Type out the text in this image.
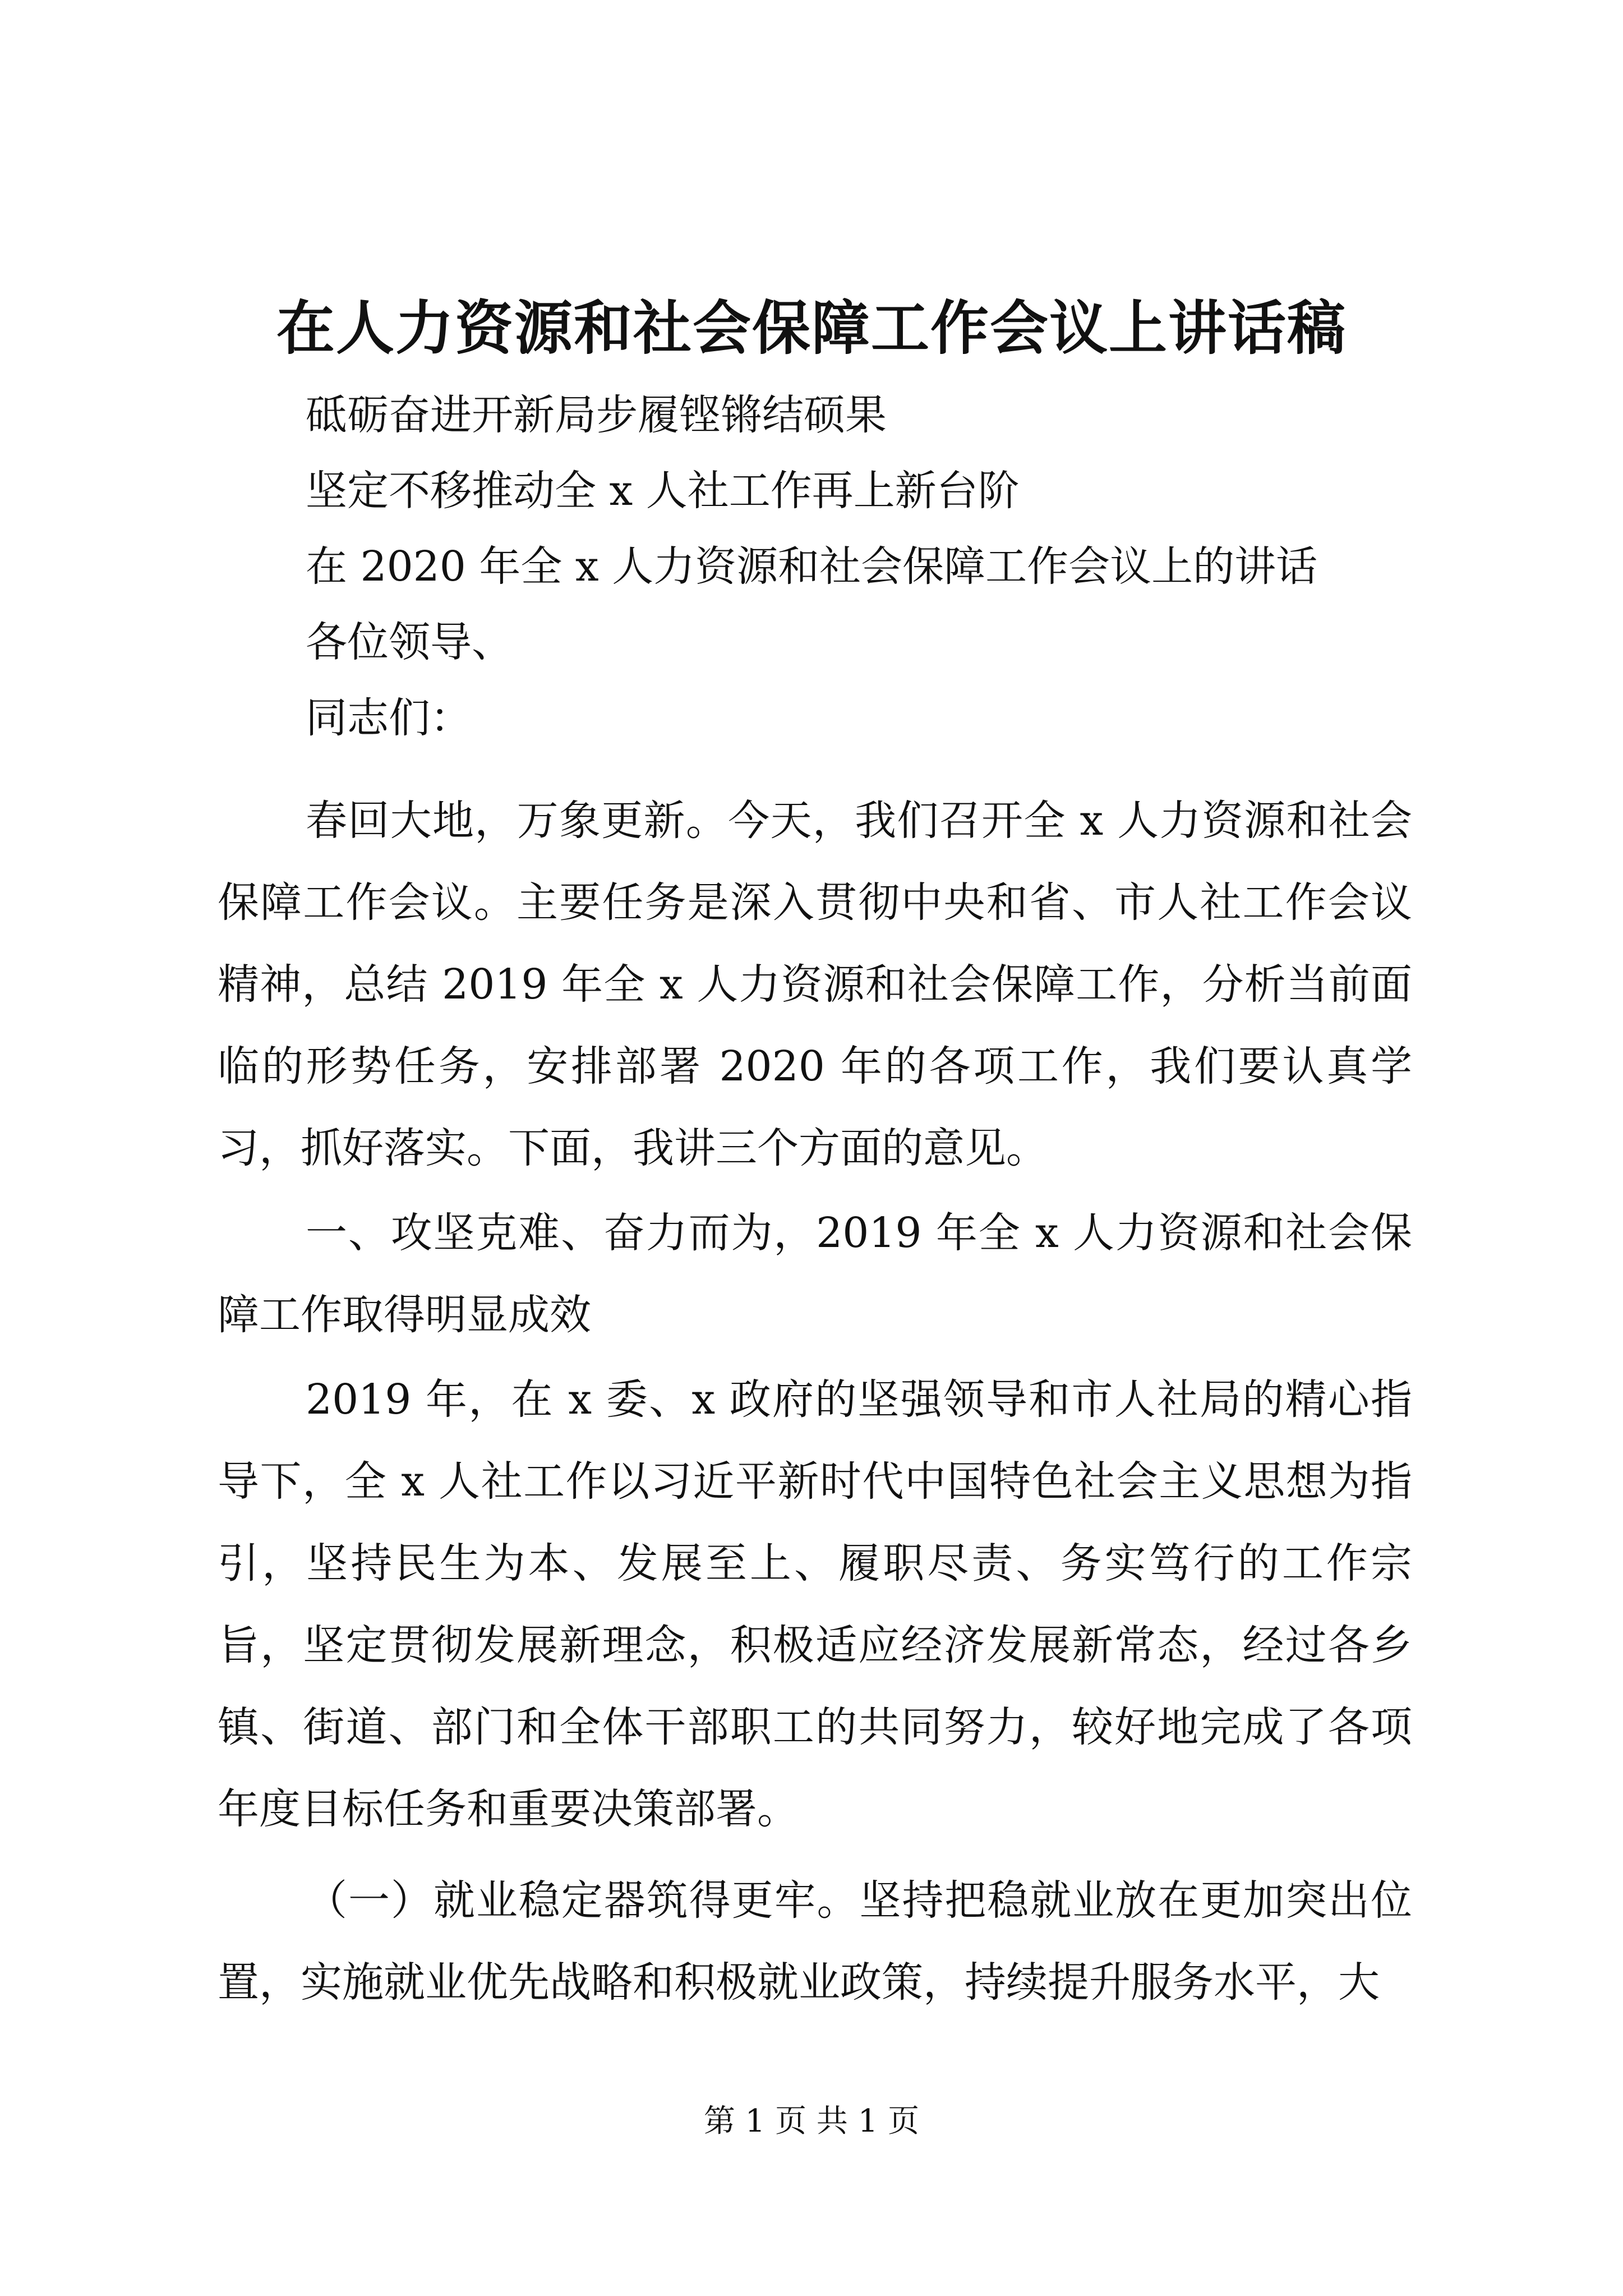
在人力资源和社会保障工作会议上讲话稿
砥砺奋进开新局步履铿锵结硕果
坚定不移推动全 x 人社工作再上新台阶
在 2020 年全 x 人力资源和社会保障工作会议上的讲话
各位领导、
同志们：

春回大地，万象更新。今天，我们召开全 x 人力资源和社会保障工作会议。主要任务是深入贯彻中央和省、市人社工作会议精神，总结 2019 年全 x 人力资源和社会保障工作，分析当前面临的形势任务，安排部署 2020 年的各项工作，我们要认真学习，抓好落实。下面，我讲三个方面的意见。

一、攻坚克难、奋力而为，2019 年全 x 人力资源和社会保障工作取得明显成效

2019 年，在 x 委、x 政府的坚强领导和市人社局的精心指导下，全 x 人社工作以习近平新时代中国特色社会主义思想为指引，坚持民生为本、发展至上、履职尽责、务实笃行的工作宗旨，坚定贯彻发展新理念，积极适应经济发展新常态，经过各乡镇、街道、部门和全体干部职工的共同努力，较好地完成了各项年度目标任务和重要决策部署。

（一）就业稳定器筑得更牢。坚持把稳就业放在更加突出位置，实施就业优先战略和积极就业政策，持续提升服务水平，大

第 1 页 共 1 页
